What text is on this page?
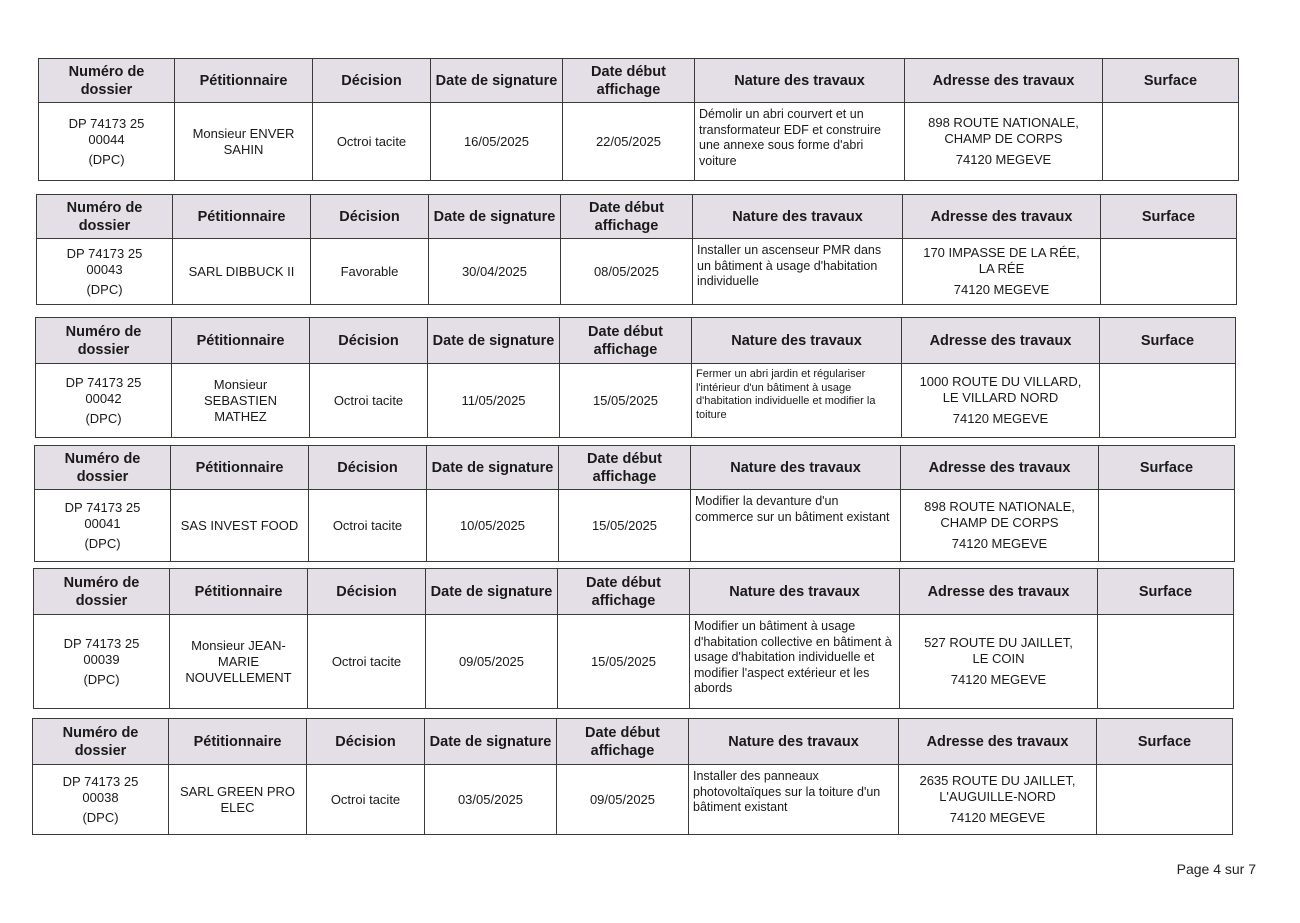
Numéro de dossier	Pétitionnaire	Décision	Date de signature	Date début affichage	Nature des travaux	Adresse des travaux	Surface

DP 74173 25
00044
(DPC)	Monsieur ENVER SAHIN	Octroi tacite	16/05/2025	22/05/2025	Démolir un abri courvert et un transformateur EDF et construire une annexe sous forme d'abri voiture	898 ROUTE NATIONALE,
CHAMP DE CORPS
74120 MEGEVE	

Numéro de dossier	Pétitionnaire	Décision	Date de signature	Date début affichage	Nature des travaux	Adresse des travaux	Surface

DP 74173 25
00043
(DPC)	SARL DIBBUCK II	Favorable	30/04/2025	08/05/2025	Installer un ascenseur PMR dans un bâtiment à usage d'habitation individuelle	170 IMPASSE DE LA RÉE,
LA RÉE
74120 MEGEVE	

Numéro de dossier	Pétitionnaire	Décision	Date de signature	Date début affichage	Nature des travaux	Adresse des travaux	Surface

DP 74173 25
00042
(DPC)	Monsieur SEBASTIEN MATHEZ	Octroi tacite	11/05/2025	15/05/2025	Fermer un abri jardin et régulariser l'intérieur d'un bâtiment à usage d'habitation individuelle et modifier la toiture	1000 ROUTE DU VILLARD,
LE VILLARD NORD
74120 MEGEVE	

Numéro de dossier	Pétitionnaire	Décision	Date de signature	Date début affichage	Nature des travaux	Adresse des travaux	Surface

DP 74173 25
00041
(DPC)	SAS INVEST FOOD	Octroi tacite	10/05/2025	15/05/2025	Modifier la devanture d'un commerce sur un bâtiment existant	898 ROUTE NATIONALE,
CHAMP DE CORPS
74120 MEGEVE	

Numéro de dossier	Pétitionnaire	Décision	Date de signature	Date début affichage	Nature des travaux	Adresse des travaux	Surface

DP 74173 25
00039
(DPC)	Monsieur JEAN-MARIE NOUVELLEMENT	Octroi tacite	09/05/2025	15/05/2025	Modifier un bâtiment à usage d'habitation collective en bâtiment à usage d'habitation individuelle et modifier l'aspect extérieur et les abords	527 ROUTE DU JAILLET,
LE COIN
74120 MEGEVE	

Numéro de dossier	Pétitionnaire	Décision	Date de signature	Date début affichage	Nature des travaux	Adresse des travaux	Surface

DP 74173 25
00038
(DPC)	SARL GREEN PRO ELEC	Octroi tacite	03/05/2025	09/05/2025	Installer des panneaux photovoltaïques sur la toiture d'un bâtiment existant	2635 ROUTE DU JAILLET,
L'AUGUILLE-NORD
74120 MEGEVE	

Page 4 sur 7
